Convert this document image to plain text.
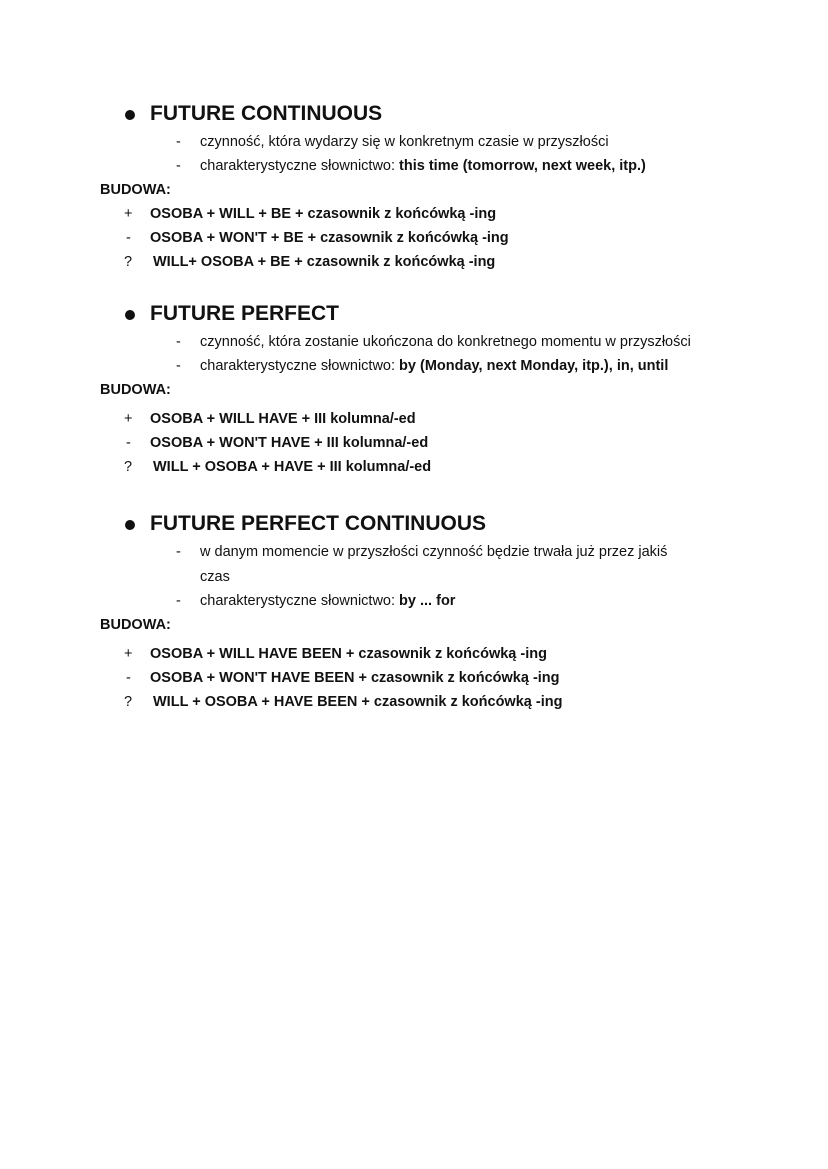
FUTURE CONTINUOUS
- czynność, która wydarzy się w konkretnym czasie w przyszłości
- charakterystyczne słownictwo: this time (tomorrow, next week, itp.)
BUDOWA:
+ OSOBA + WILL + BE + czasownik z końcówką -ing
- OSOBA + WON'T + BE + czasownik z końcówką -ing
? WILL+ OSOBA + BE + czasownik z końcówką -ing
FUTURE PERFECT
- czynność, która zostanie ukończona do konkretnego momentu w przyszłości
- charakterystyczne słownictwo: by (Monday, next Monday, itp.), in, until
BUDOWA:
+ OSOBA + WILL HAVE + III kolumna/-ed
- OSOBA + WON'T HAVE + III kolumna/-ed
? WILL + OSOBA + HAVE + III kolumna/-ed
FUTURE PERFECT CONTINUOUS
- w danym momencie w przyszłości czynność będzie trwała już przez jakiś
czas
- charakterystyczne słownictwo: by ... for
BUDOWA:
+ OSOBA + WILL HAVE BEEN + czasownik z końcówką -ing
- OSOBA + WON'T HAVE BEEN + czasownik z końcówką -ing
? WILL + OSOBA + HAVE BEEN + czasownik z końcówką -ing
